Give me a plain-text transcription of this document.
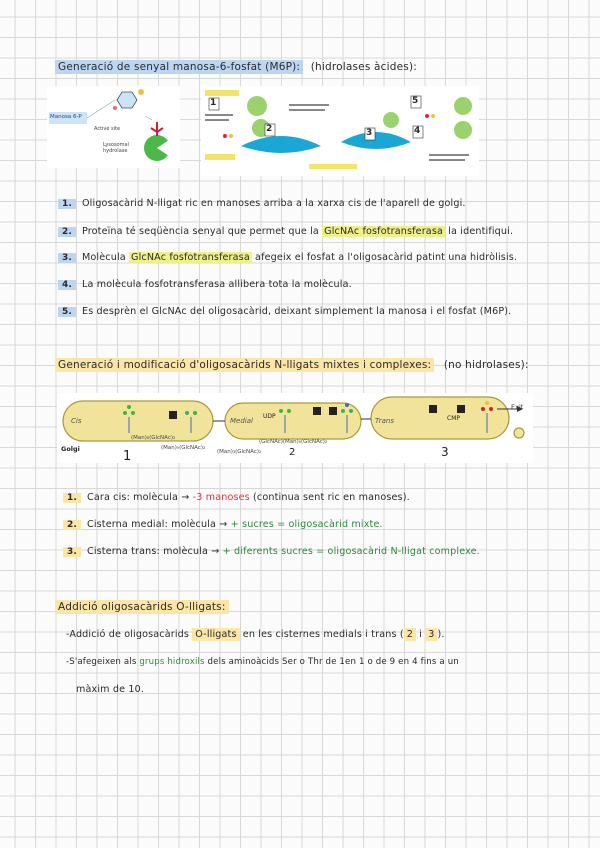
Generació de senyal manosa-6-fosfat (M6P): (hidrolases àcides):
Manosa 6-P
Active site
Lysosomal hydrolase
1
2	3	4
5
1. Oligosacàrid N-lligat ric en manoses arriba a la xarxa cis de l'aparell de golgi.
2. Proteïna té seqüència senyal que permet que la GlcNAc fosfotransferasa la identifiqui.
3. Molècula GlcNAc fosfotransferasa afegeix el fosfat a l'oligosacàrid patint una hidròlisis.
4. La molècula fosfotransferasa allibera tota la molècula.
5. Es desprèn el GlcNAc del oligosacàrid, deixant simplement la manosa i el fosfat (M6P).
Generació i modificació d'oligosacàrids N-lligats mixtes i complexes: (no hidrolases):
Cis	Medial	Trans
Exit
Golgi
(Man)₈(GlcNAc)₂
(Man)₅(GlcNAc)₂
(GlcNAc)(Man)₅(GlcNAc)₂
(Man)₃(GlcNAc)₂
UDP	CMP
1	2	3
1. Cara cis: molècula → -3 manoses (continua sent ric en manoses).
2. Cisterna medial: molècula → + sucres = oligosacàrid mixte.
3. Cisterna trans: molècula → + diferents sucres = oligosacàrid N-lligat complexe.
Addició oligosacàrids O-lligats:
-Addició de oligosacàrids O-lligats en les cisternes medials i trans ( 2 i 3 ).
-S'afegeixen als grups hidroxils dels aminoàcids Ser o Thr de 1en 1 o de 9 en 4 fins a un
màxim de 10.
